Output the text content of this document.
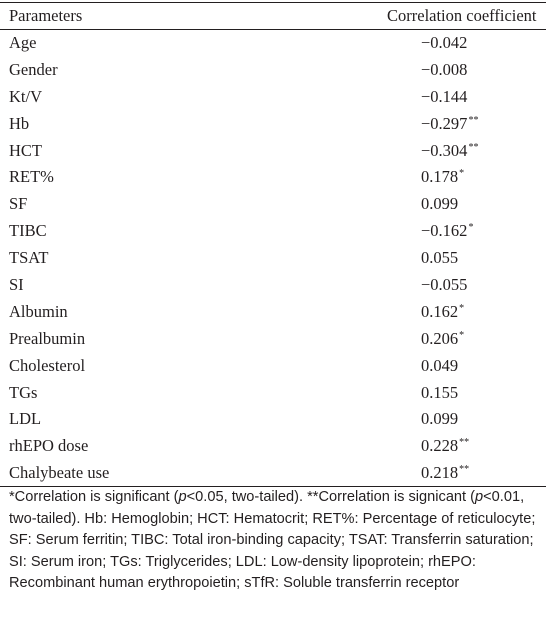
Parameters	Correlation coefficient
Age	−0.042
Gender	−0.008
Kt/V	−0.144
Hb	−0.297**
HCT	−0.304**
RET%	0.178*
SF	0.099
TIBC	−0.162*
TSAT	0.055
SI	−0.055
Albumin	0.162*
Prealbumin	0.206*
Cholesterol	0.049
TGs	0.155
LDL	0.099
rhEPO dose	0.228**
Chalybeate use	0.218**
*Correlation is significant (p<0.05, two-tailed). **Correlation is signicant (p<0.01, two-tailed). Hb: Hemoglobin; HCT: Hematocrit; RET%: Percentage of reticulocyte; SF: Serum ferritin; TIBC: Total iron-binding capacity; TSAT: Transferrin saturation; SI: Serum iron; TGs: Triglycerides; LDL: Low-density lipoprotein; rhEPO: Recombinant human erythropoietin; sTfR: Soluble transferrin receptor
